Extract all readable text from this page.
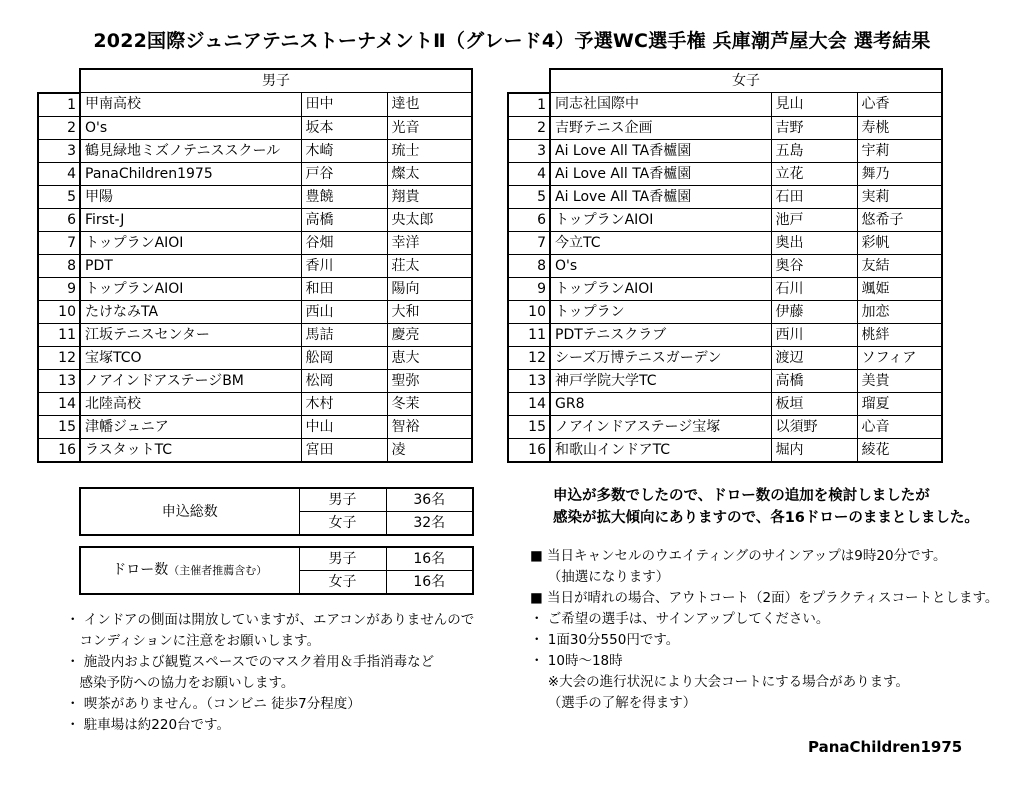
2022国際ジュニアテニストーナメントⅡ（グレード4）予選WC選手権 兵庫潮芦屋大会 選考結果
	男子		
1	甲南高校	田中	達也
2	O's	坂本	光音
3	鶴見緑地ミズノテニススクール	木崎	琉士
4	PanaChildren1975	戸谷	燦太
5	甲陽	豊饒	翔貴
6	First-J	高橋	央太郎
7	トップランAIOI	谷畑	幸洋
8	PDT	香川	荘太
9	トップランAIOI	和田	陽向
10	たけなみTA	西山	大和
11	江坂テニスセンター	馬詰	慶亮
12	宝塚TCO	舩岡	恵大
13	ノアインドアステージBM	松岡	聖弥
14	北陸高校	木村	冬茉
15	津幡ジュニア	中山	智裕
16	ラスタットTC	宮田	凌
	女子		
1	同志社国際中	見山	心香
2	吉野テニス企画	吉野	寿桃
3	Ai Love All TA香櫨園	五島	宇莉
4	Ai Love All TA香櫨園	立花	舞乃
5	Ai Love All TA香櫨園	石田	実莉
6	トップランAIOI	池戸	悠希子
7	今立TC	奥出	彩帆
8	O's	奥谷	友結
9	トップランAIOI	石川	颯姫
10	トップラン	伊藤	加恋
11	PDTテニスクラブ	西川	桃絆
12	シーズ万博テニスガーデン	渡辺	ソフィア
13	神戸学院大学TC	高橋	美貴
14	GR8	板垣	瑠夏
15	ノアインドアステージ宝塚	以須野	心音
16	和歌山インドアTC	堀内	綾花
申込総数	男子	36名
	女子	32名
ドロー数（主催者推薦含む）	男子	16名
	女子	16名
申込が多数でしたので、ドロー数の追加を検討しましたが
感染が拡大傾向にありますので、各16ドローのままとしました。
・ インドアの側面は開放していますが、エアコンがありませんので
　コンディションに注意をお願いします。
・ 施設内および観覧スペースでのマスク着用＆手指消毒など
　感染予防への協力をお願いします。
・ 喫茶がありません。（コンビニ 徒歩7分程度）
・ 駐車場は約220台です。
■ 当日キャンセルのウエイティングのサインアップは9時20分です。
　 （抽選になります）
■ 当日が晴れの場合、アウトコート（2面）をプラクティスコートとします。
・ ご希望の選手は、サインアップしてください。
・ 1面30分550円です。
・ 10時～18時
　 ※大会の進行状況により大会コートにする場合があります。
　 （選手の了解を得ます）
PanaChildren1975
